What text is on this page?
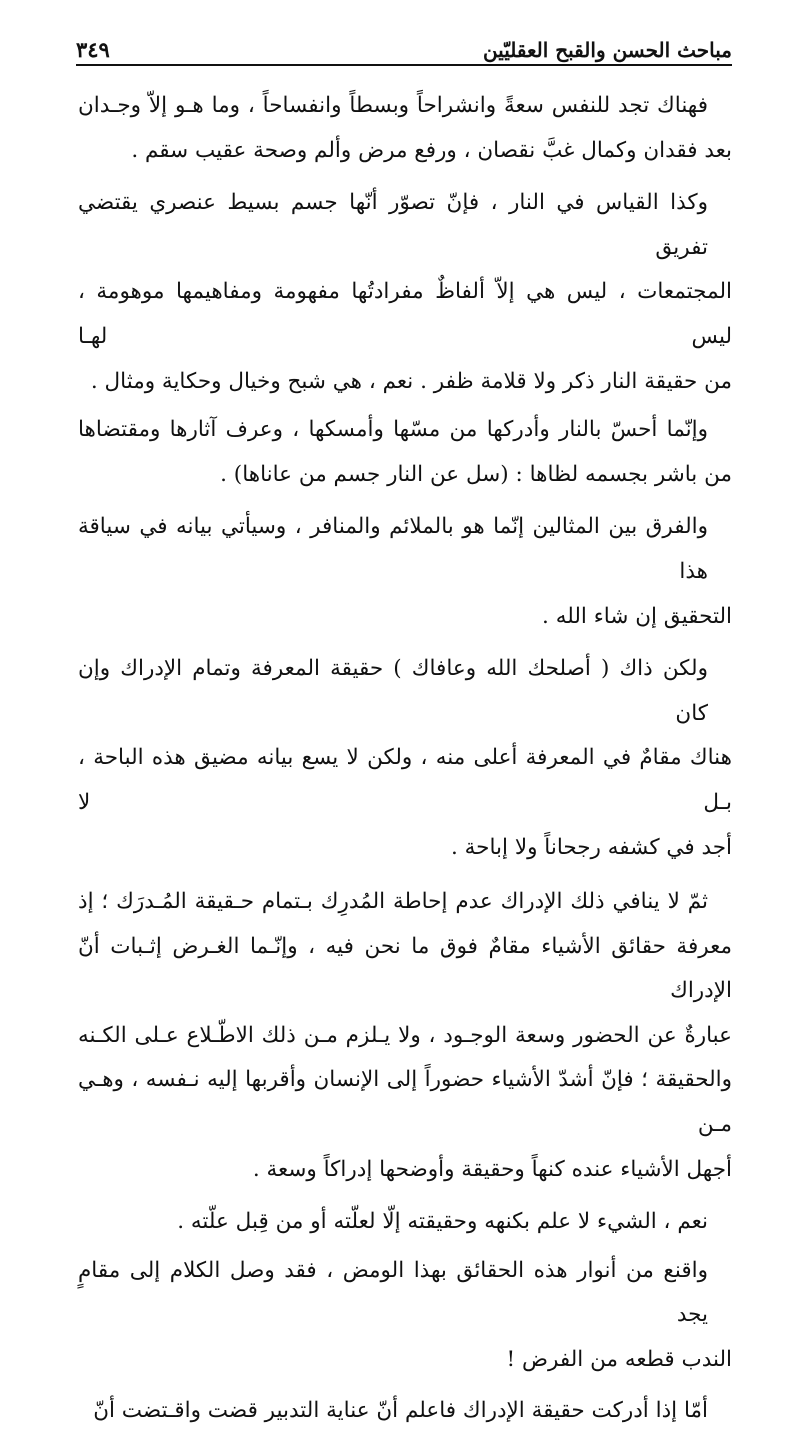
مباحث الحسن والقبح العقليّين
٣٤٩
فهناك تجد للنفس سعةً وانشراحاً وبسطاً وانفساحاً ، وما هـو إلاّ وجـدان
بعد فقدان وكمال غبَّ نقصان ، ورفع مرض وألم وصحة عقيب سقم .
وكذا القياس في النار ، فإنّ تصوّر أنّها جسم بسيط عنصري يقتضي تفريق
المجتمعات ، ليس هي إلاّ ألفاظٌ مفرادتُها مفهومة ومفاهيمها موهومة ، ليس لهـا
من حقيقة النار ذكر ولا قلامة ظفر . نعم ، هي شبح وخيال وحكاية ومثال .
وإنّما أحسّ بالنار وأدركها من مسّها وأمسكها ، وعرف آثارها ومقتضاها
من باشر بجسمه لظاها : (سل عن النار جسم من عاناها) .
والفرق بين المثالين إنّما هو بالملائم والمنافر ، وسيأتي بيانه في سياقة هذا
التحقيق إن شاء الله .
ولكن ذاك ( أصلحك الله وعافاك ) حقيقة المعرفة وتمام الإدراك وإن كان
هناك مقامٌ في المعرفة أعلى منه ، ولكن لا يسع بيانه مضيق هذه الباحة ، بـل لا
أجد في كشفه رجحاناً ولا إباحة .
ثمّ لا ينافي ذلك الإدراك عدم إحاطة المُدرِك بـتمام حـقيقة المُـدرَك ؛ إذ
معرفة حقائق الأشياء مقامٌ فوق ما نحن فيه ، وإنّـما الغـرض إثـبات أنّ الإدراك
عبارةٌ عن الحضور وسعة الوجـود ، ولا يـلزم مـن ذلك الاطّـلاع عـلى الكـنه
والحقيقة ؛ فإنّ أشدّ الأشياء حضوراً إلى الإنسان وأقربها إليه نـفسه ، وهـي مـن
أجهل الأشياء عنده كنهاً وحقيقة وأوضحها إدراكاً وسعة .
نعم ، الشيء لا علم بكنهه وحقيقته إلّا لعلّته أو من قِبل علّته .
واقنع من أنوار هذه الحقائق بهذا الومض ، فقد وصل الكلام إلى مقامٍ يجد
الندب قطعه من الفرض !
أمّا إذا أدركت حقيقة الإدراك فاعلم أنّ عناية التدبير قضت واقـتضت أنّ
